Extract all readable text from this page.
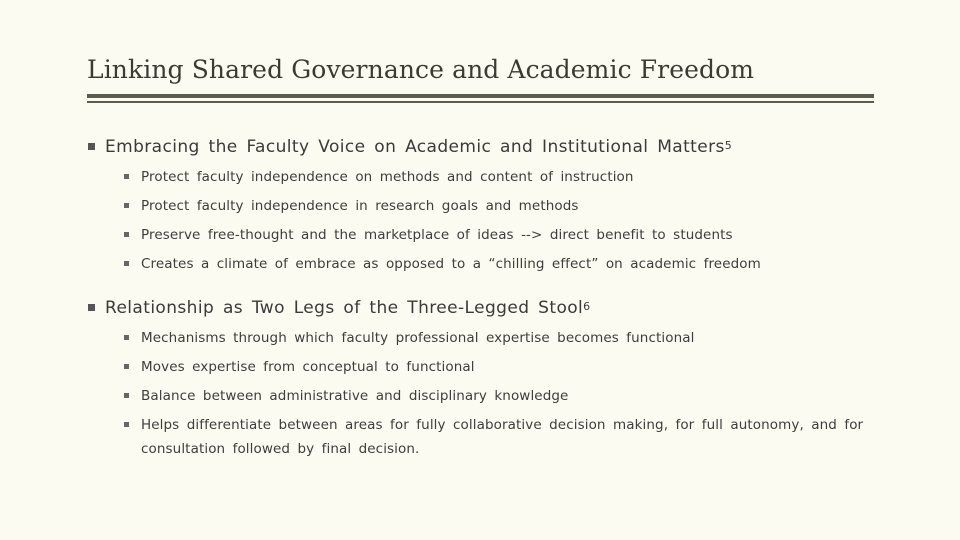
Linking Shared Governance and Academic Freedom
Embracing the Faculty Voice on Academic and Institutional Matters$^5$
Protect faculty independence on methods and content of instruction
Protect faculty independence in research goals and methods
Preserve free-thought and the marketplace of ideas --> direct benefit to students
Creates a climate of embrace as opposed to a “chilling effect” on academic freedom
Relationship as Two Legs of the Three-Legged Stool$^6$
Mechanisms through which faculty professional expertise becomes functional
Moves expertise from conceptual to functional
Balance between administrative and disciplinary knowledge
Helps differentiate between areas for fully collaborative decision making, for full autonomy, and for consultation followed by final decision.
